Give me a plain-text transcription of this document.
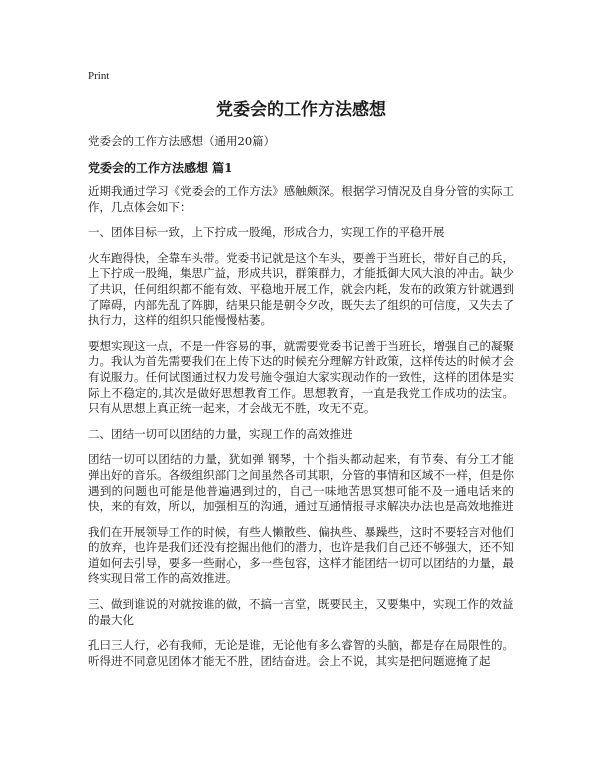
Print
党委会的工作方法感想

党委会的工作方法感想（通用20篇）

党委会的工作方法感想 篇1

近期我通过学习《党委会的工作方法》感触颇深。根据学习情况及自身分管的实际工作，几点体会如下：

一、团体目标一致，上下拧成一股绳，形成合力，实现工作的平稳开展

火车跑得快，全靠车头带。党委书记就是这个车头，要善于当班长，带好自己的兵，上下拧成一股绳，集思广益，形成共识，群策群力，才能抵御大风大浪的冲击。缺少了共识，任何组织都不能有效、平稳地开展工作，就会内耗，发布的政策方针就遇到了障碍，内部先乱了阵脚，结果只能是朝令夕改，既失去了组织的可信度，又失去了执行力，这样的组织只能慢慢枯萎。

要想实现这一点，不是一件容易的事，就需要党委书记善于当班长，增强自己的凝聚力。我认为首先需要我们在上传下达的时候充分理解方针政策，这样传达的时候才会有说服力。任何试图通过权力发号施令强迫大家实现动作的一致性，这样的团体是实际上不稳定的,其次是做好思想教育工作。思想教育，一直是我党工作成功的法宝。只有从思想上真正统一起来，才会战无不胜，攻无不克。

二、团结一切可以团结的力量，实现工作的高效推进

团结一切可以团结的力量，犹如弹 钢琴，十个指头都动起来，有节奏、有分工才能弹出好的音乐。各级组织部门之间虽然各司其职，分管的事情和区域不一样，但是你遇到的问题也可能是他普遍遇到过的，自己一味地苦思冥想可能不及一通电话来的快，来的有效，所以，加强相互的沟通，通过互通情报寻求解决办法也是高效地推进

我们在开展领导工作的时候，有些人懒散些、偏执些、暴躁些，这时不要轻言对他们的放弃，也许是我们还没有挖掘出他们的潜力，也许是我们自己还不够强大，还不知道如何去引导，要多一些耐心，多一些包容，这样才能团结一切可以团结的力量，最终实现日常工作的高效推进。

三、做到谁说的对就按谁的做，不搞一言堂，既要民主，又要集中，实现工作的效益的最大化

孔曰三人行，必有我师，无论是谁，无论他有多么睿智的头脑，都是存在局限性的。听得进不同意见团体才能无不胜，团结奋进。会上不说，其实是把问题遮掩了起
